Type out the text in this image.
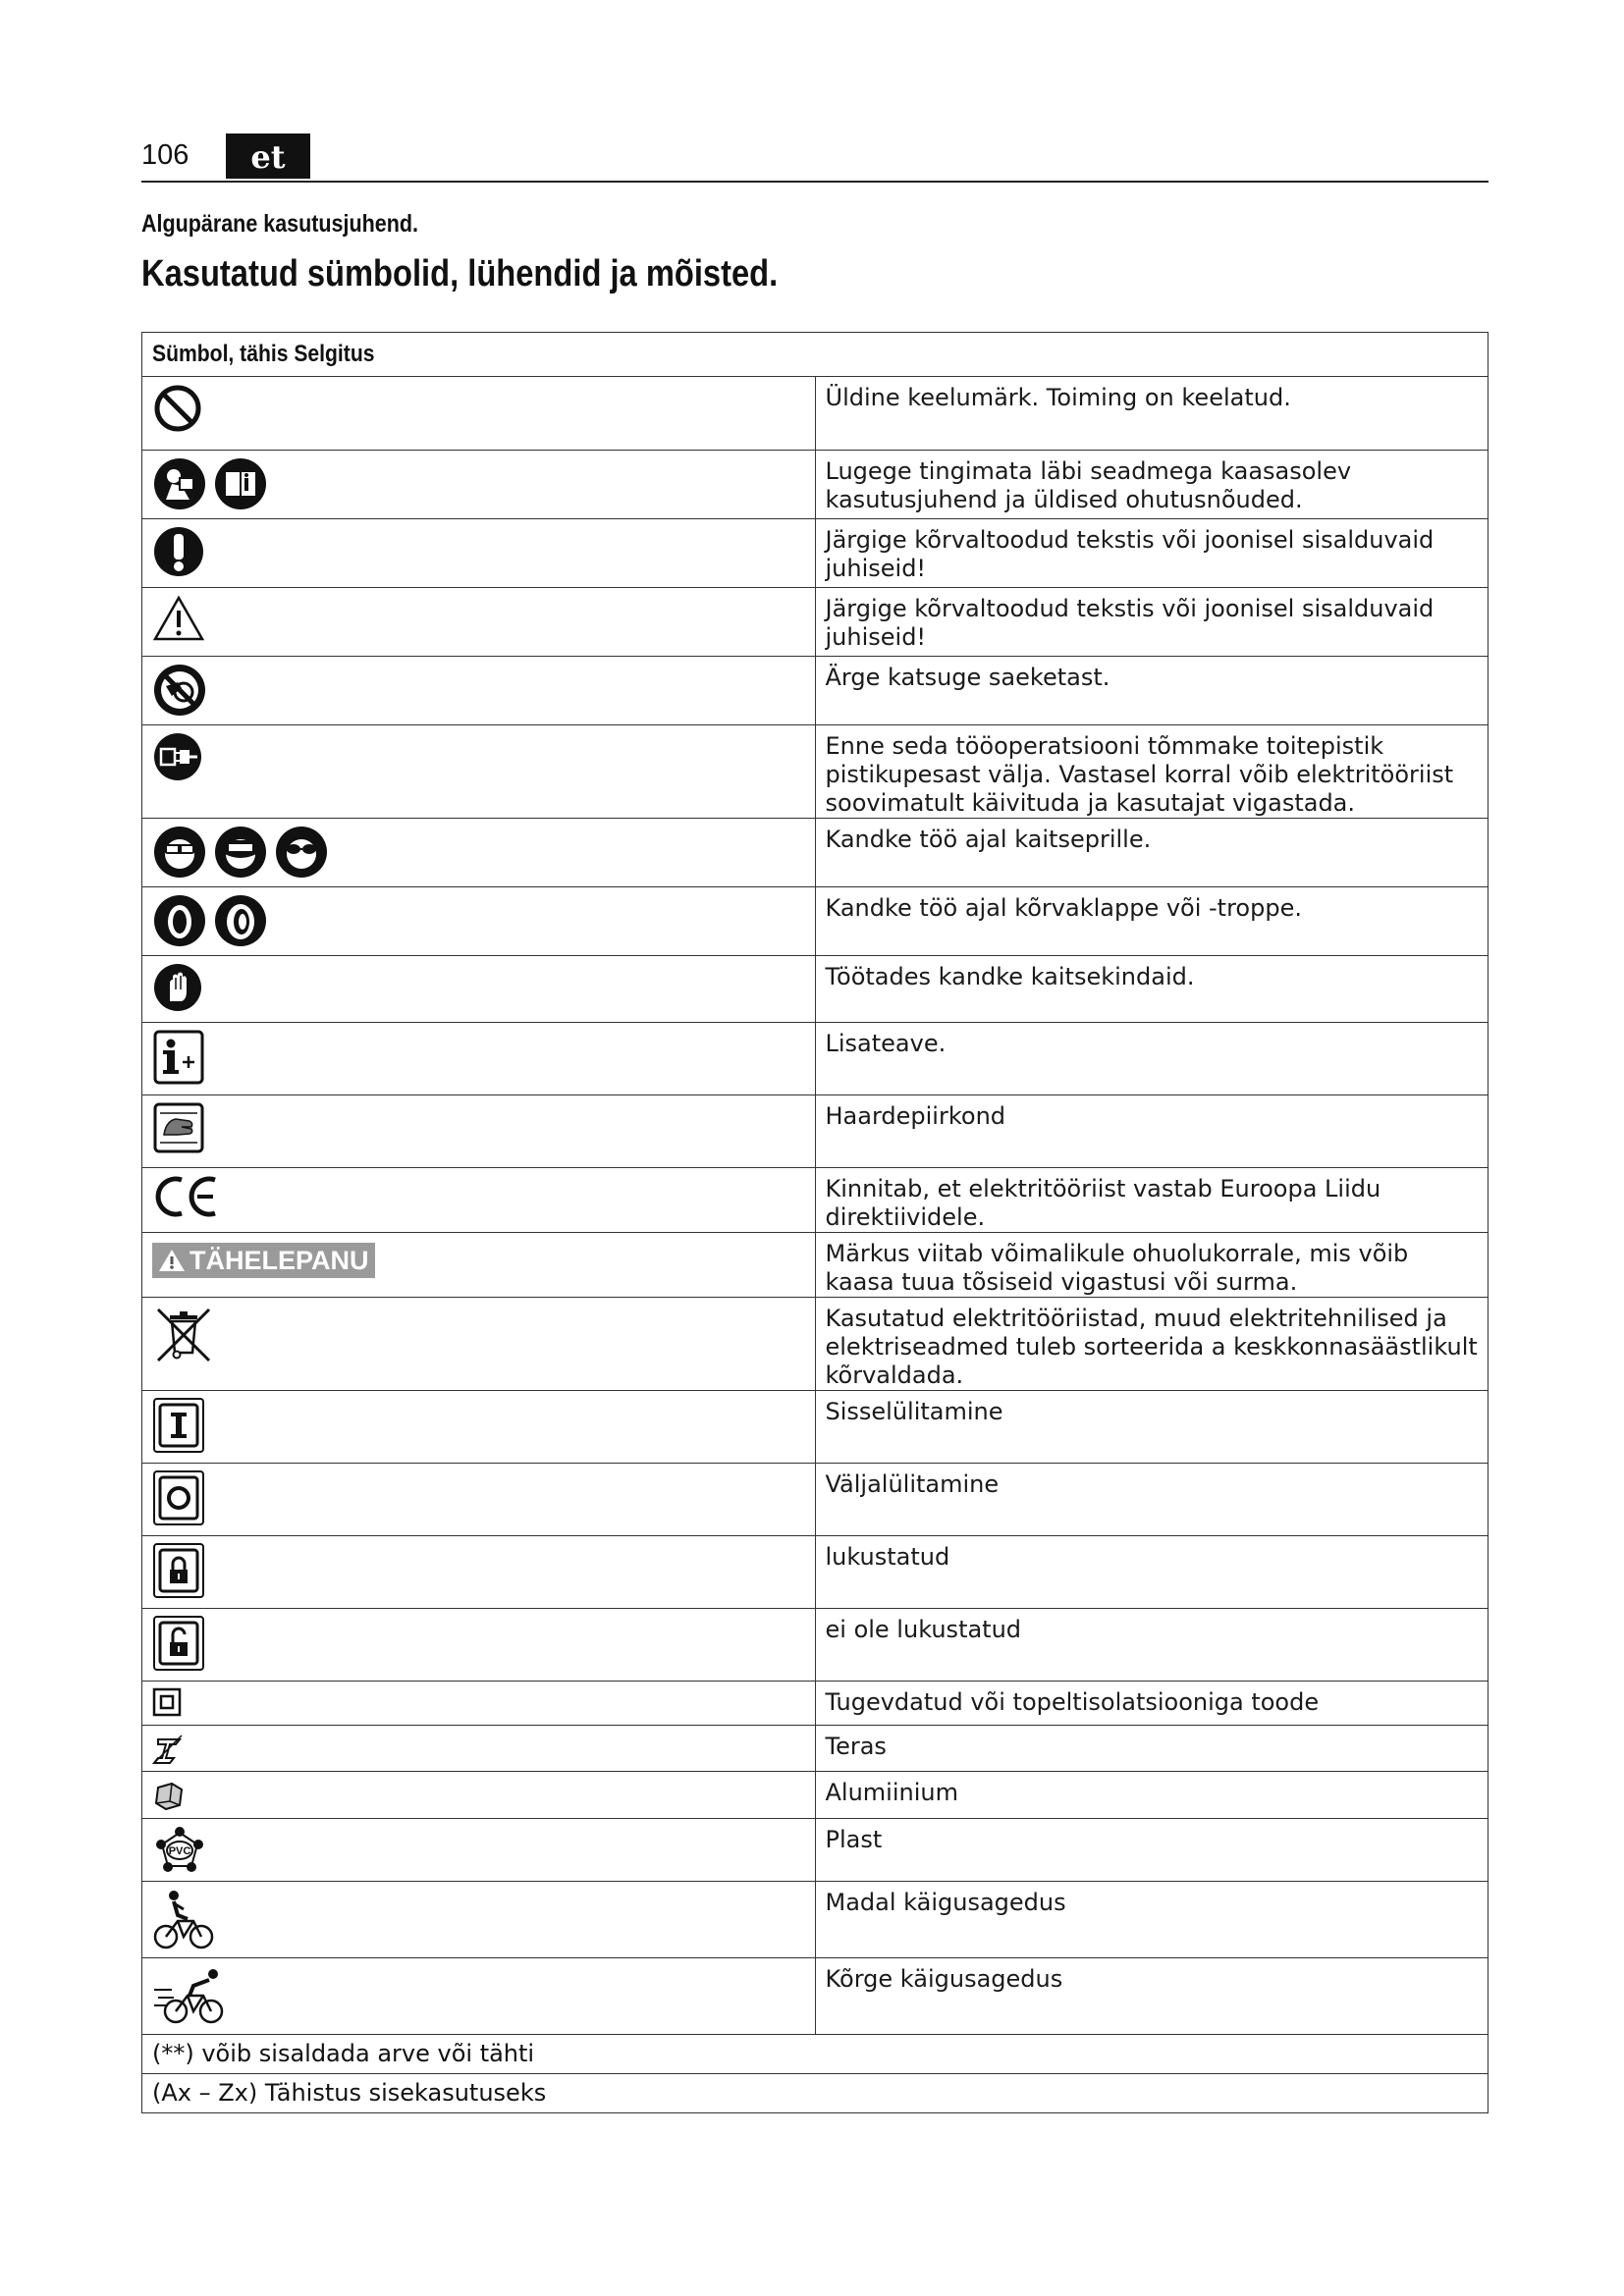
106	et
Algupärane kasutusjuhend.
Kasutatud sümbolid, lühendid ja mõisted.
Sümbol, tähis Selgitus	

	Üldine keelumärk. Toiming on keelatud.

	Lugege tingimata läbi seadmega kaasasolev kasutusjuhend ja üldised ohutusnõuded.

	Järgige kõrvaltoodud tekstis või joonisel sisalduvaid juhiseid!

	Järgige kõrvaltoodud tekstis või joonisel sisalduvaid juhiseid!

	Ärge katsuge saeketast.

	Enne seda tööoperatsiooni tõmmake toitepistik pistikupesast välja. Vastasel korral võib elektritööriist soovimatult käivituda ja kasutajat vigastada.

	Kandke töö ajal kaitseprille.

	Kandke töö ajal kõrvaklappe või -troppe.

	Töötades kandke kaitsekindaid.

	Lisateave.

	Haardepiirkond

	Kinnitab, et elektritööriist vastab Euroopa Liidu direktiividele.

TÄHELEPANU	Märkus viitab võimalikule ohuolukorrale, mis võib kaasa tuua tõsiseid vigastusi või surma.

	Kasutatud elektritööriistad, muud elektritehnilised ja elektriseadmed tuleb sorteerida a keskkonnasäästlikult kõrvaldada.

	Sisselülitamine

	Väljalülitamine

	lukustatud

	ei ole lukustatud

	Tugevdatud või topeltisolatsiooniga toode

	Teras

	Alumiinium

PVC	Plast

	Madal käigusagedus

	Kõrge käigusagedus
(**) võib sisaldada arve või tähti	
(Ax – Zx) Tähistus sisekasutuseks	
